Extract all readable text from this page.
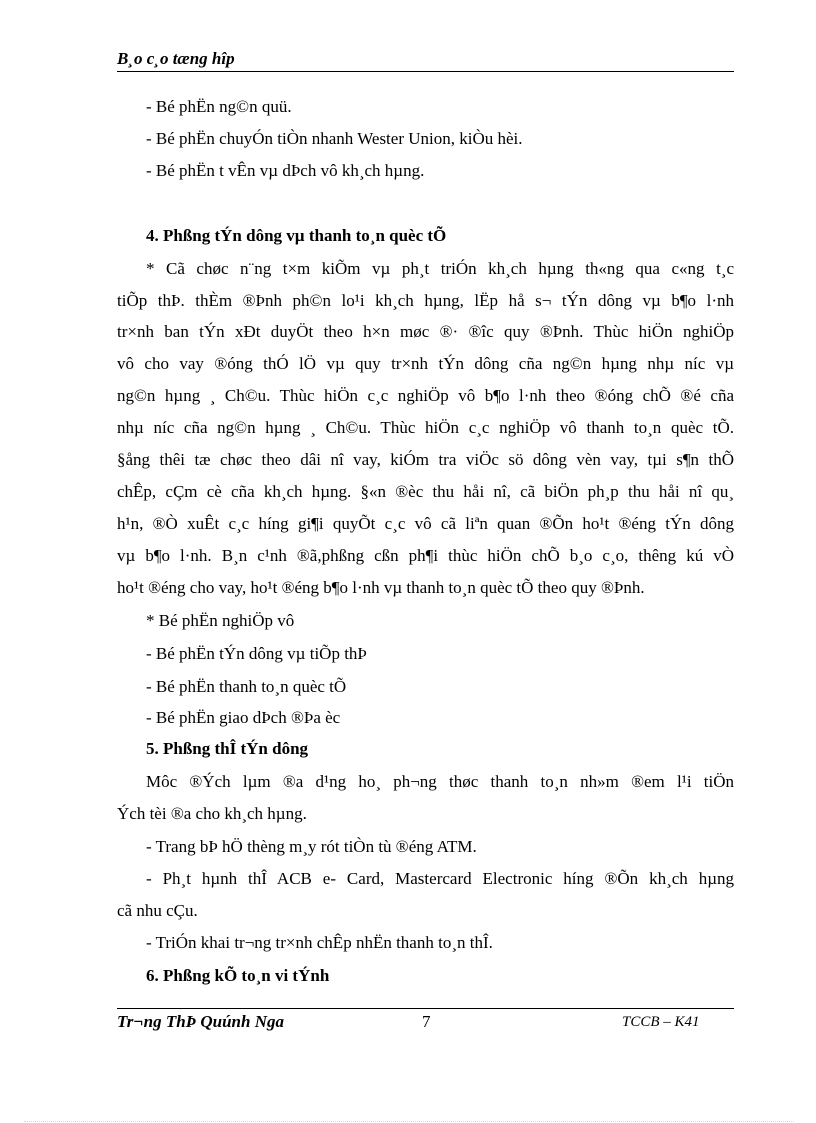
B¸o c¸o tæng hîp
- Bé phËn ng©n quü.
- Bé phËn chuyÓn tiÒn nhanh Wester Union, kiÒu hèi.
- Bé phËn t vÊn vµ dÞch vô kh¸ch hµng.
4. Phßng tÝn dông vµ thanh to¸n quèc tÕ
* Cã chøc n¨ng t×m kiÕm vµ ph¸t triÓn kh¸ch hµng th«ng qua c«ng t¸c
tiÕp thÞ. thÈm ®Þnh ph©n lo¹i kh¸ch hµng, lËp hå s¬ tÝn dông vµ b¶o l·nh
tr×nh ban tÝn xÐt duyÖt theo h×n møc ®· ®îc quy ®Þnh. Thùc hiÖn nghiÖp
vô cho vay ®óng thÓ lÖ vµ quy tr×nh tÝn dông cña ng©n hµng nhµ níc vµ
ng©n hµng ¸ Ch©u. Thùc hiÖn c¸c nghiÖp vô b¶o l·nh theo ®óng chÕ ®é cña
nhµ níc cña ng©n hµng ¸ Ch©u. Thùc hiÖn c¸c nghiÖp vô thanh to¸n quèc tÕ.
§ång thêi tæ chøc theo dâi nî vay, kiÓm tra viÖc sö dông vèn vay, tµi s¶n thÕ
chÊp, cÇm cè cña kh¸ch hµng. §«n ®èc thu håi nî, cã biÖn ph¸p thu håi nî qu¸
h¹n, ®Ò xuÊt c¸c híng gi¶i quyÕt c¸c vô cã liªn quan ®Õn ho¹t ®éng tÝn dông
vµ b¶o l·nh. B¸n c¹nh ®ã,phßng cßn ph¶i thùc hiÖn chÕ b¸o c¸o, thêng kú vÒ
ho¹t ®éng cho vay, ho¹t ®éng b¶o l·nh vµ thanh to¸n quèc tÕ theo quy ®Þnh.
* Bé phËn nghiÖp vô
- Bé phËn tÝn dông vµ tiÕp thÞ
- Bé phËn thanh to¸n quèc tÕ
- Bé phËn giao dÞch ®Þa èc
5. Phßng thÎ tÝn dông
Môc ®Ých lµm ®a d¹ng ho¸ ph¬ng thøc thanh to¸n nh»m ®em l¹i tiÖn
Ých tèi ®a cho kh¸ch hµng.
- Trang bÞ hÖ thèng m¸y rót tiÒn tù ®éng ATM.
- Ph¸t hµnh thÎ ACB e- Card, Mastercard Electronic híng ®Õn kh¸ch hµng
cã nhu cÇu.
- TriÓn khai tr¬ng tr×nh chÊp nhËn thanh to¸n thÎ.
6. Phßng kÕ to¸n vi tÝnh
Tr¬ng ThÞ Quúnh Nga	7	TCCB – K41
